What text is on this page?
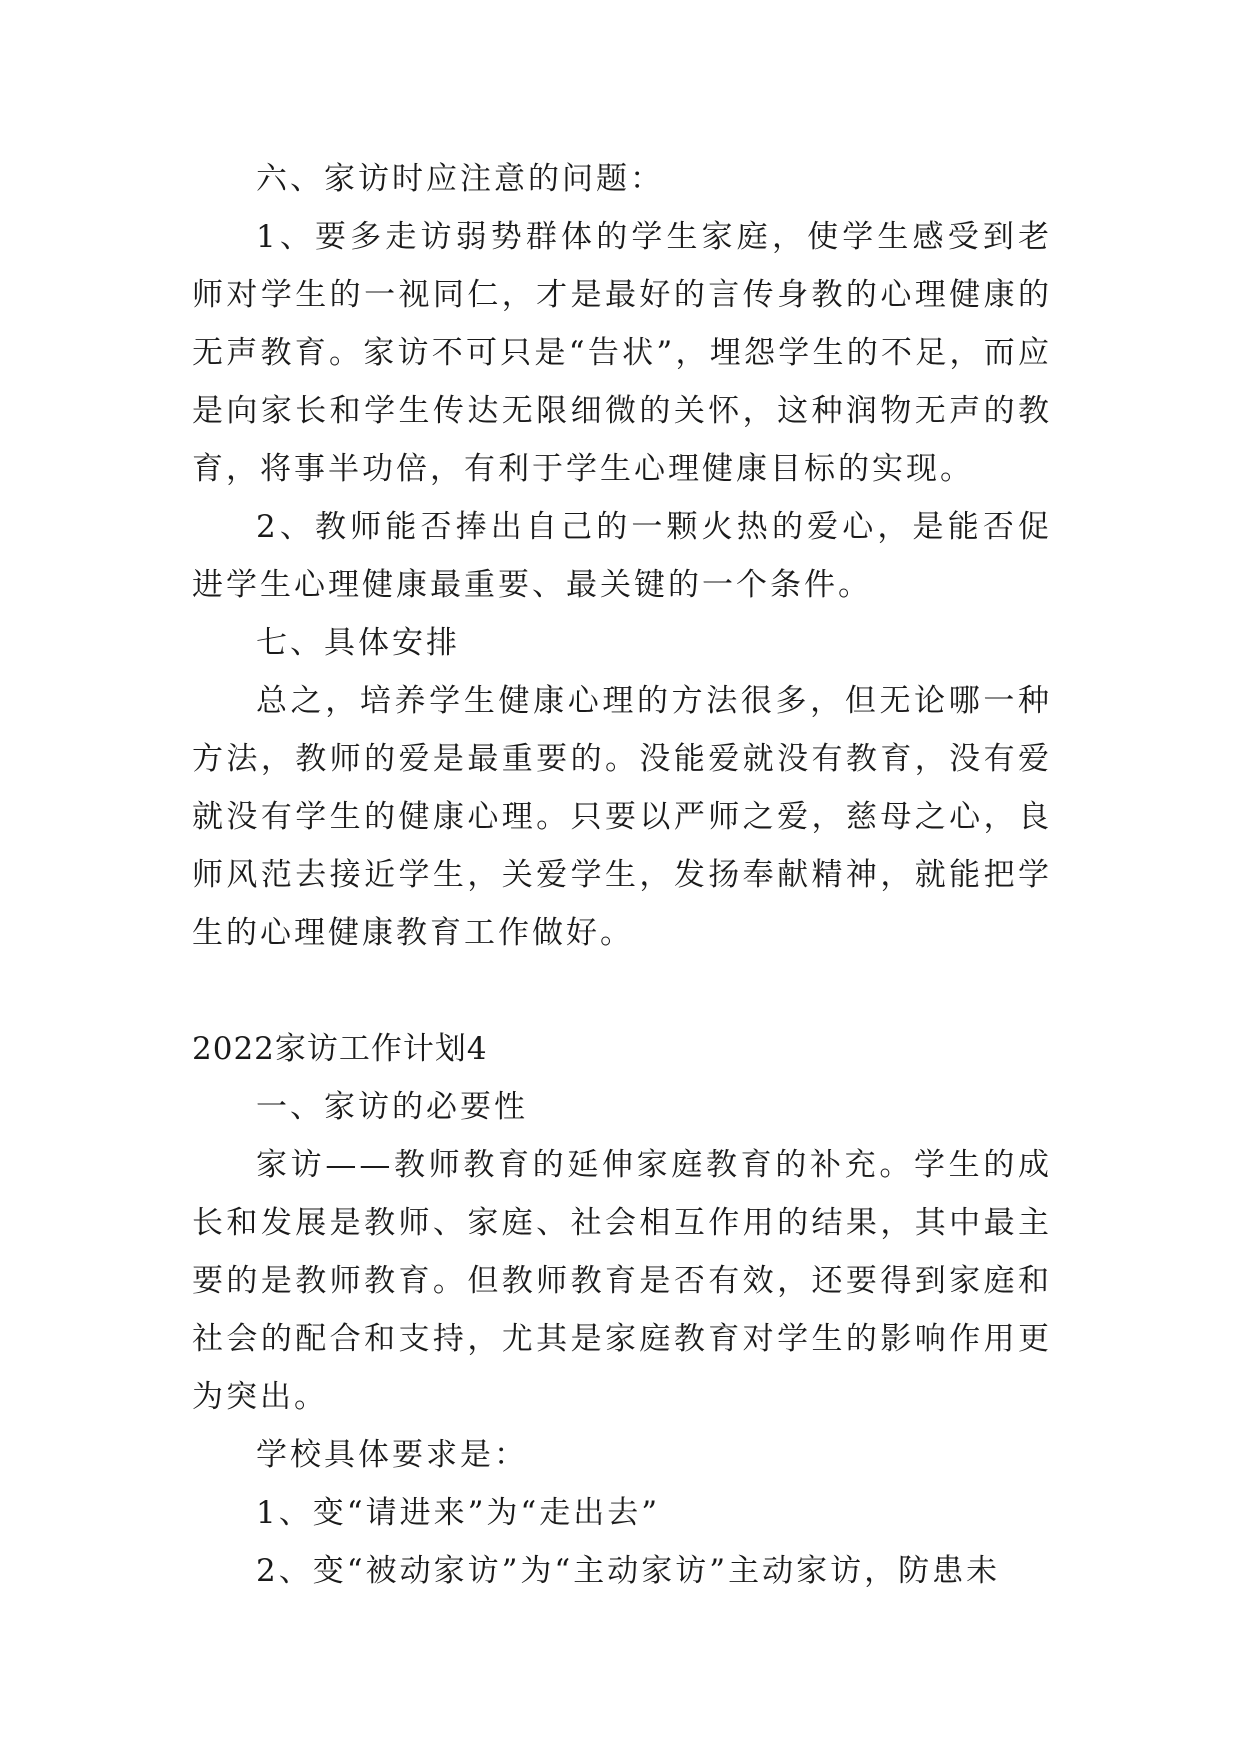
六、家访时应注意的问题：

1、要多走访弱势群体的学生家庭，使学生感受到老师对学生的一视同仁，才是最好的言传身教的心理健康的无声教育。家访不可只是“告状”，埋怨学生的不足，而应是向家长和学生传达无限细微的关怀，这种润物无声的教育，将事半功倍，有利于学生心理健康目标的实现。

2、教师能否捧出自己的一颗火热的爱心，是能否促进学生心理健康最重要、最关键的一个条件。

七、具体安排

总之，培养学生健康心理的方法很多，但无论哪一种方法，教师的爱是最重要的。没能爱就没有教育，没有爱就没有学生的健康心理。只要以严师之爱，慈母之心，良师风范去接近学生，关爱学生，发扬奉献精神，就能把学生的心理健康教育工作做好。

2022家访工作计划4

一、家访的必要性

家访——教师教育的延伸家庭教育的补充。学生的成长和发展是教师、家庭、社会相互作用的结果，其中最主要的是教师教育。但教师教育是否有效，还要得到家庭和社会的配合和支持，尤其是家庭教育对学生的影响作用更为突出。

学校具体要求是：

1、变“请进来”为“走出去”

2、变“被动家访”为“主动家访”主动家访，防患未
